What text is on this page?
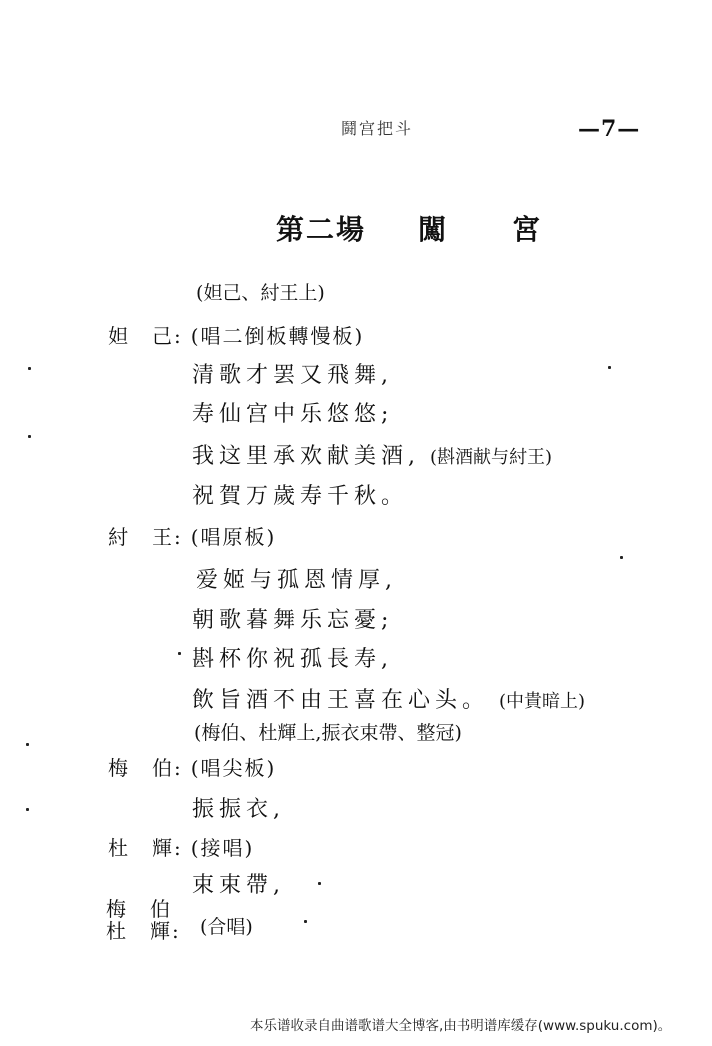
鬪宫把斗	—7—
第二場 闖 宮
(妲己、紂王上)
妲　己: (唱二倒板轉慢板)
清歌才罢又飛舞,
寿仙宫中乐悠悠;
我这里承欢献美酒, (斟酒献与紂王)
祝賀万歲寿千秋。
紂　王: (唱原板)
爱姬与孤恩情厚,
朝歌暮舞乐忘憂;
斟杯你祝孤長寿,
飲旨酒不由王喜在心头。 (中貴暗上)
(梅伯、杜輝上,振衣束帶、整冠)
梅　伯: (唱尖板)
振振衣,
杜　輝: (接唱)
束束帶,
梅　伯
杜　輝: (合唱)
本乐谱收录自曲谱歌谱大全博客,由书明谱库缓存(www.spuku.com)。
